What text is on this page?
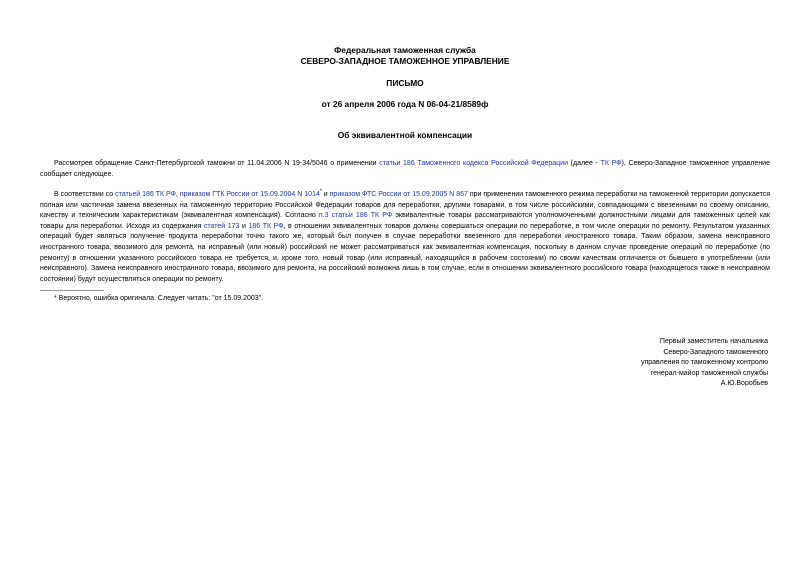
Федеральная таможенная служба
СЕВЕРО-ЗАПАДНОЕ ТАМОЖЕННОЕ УПРАВЛЕНИЕ
ПИСЬМО
от 26 апреля 2006 года N 06-04-21/8589ф
Об эквивалентной компенсации
Рассмотрев обращение Санкт-Петербургской таможни от 11.04.2006 N 19-34/5046 о применении статьи 186 Таможенного кодекса Российской Федерации (далее - ТК РФ), Северо-Западное таможенное управление сообщает следующее.
В соответствии со статьей 186 ТК РФ, приказом ГТК России от 15.09.2004 N 1014* и приказом ФТС России от 15.09.2005 N 867 при применении таможенного режима переработки на таможенной территории допускается полная или частичная замена ввезенных на таможенную территорию Российской Федерации товаров для переработки, другими товарами, в том числе российскими, совпадающими с ввезенными по своему описанию, качеству и техническим характеристикам (эквивалентная компенсация). Согласно п.3 статьи 186 ТК РФ эквивалентные товары рассматриваются уполномоченными должностными лицами для таможенных целей как товары для переработки. Исходя из содержания статей 173 и 186 ТК РФ, в отношении эквивалентных товаров должны совершаться операции по переработке, в том числе операции по ремонту. Результатом указанных операций будет являться получение продукта переработки точно такого же, который был получен в случае переработки ввезенного для переработки иностранного товара. Таким образом, замена неисправного иностранного товара, ввозимого для ремонта, на исправный (или новый) российский не может рассматриваться как эквивалентная компенсация, поскольку в данном случае проведение операций по переработке (по ремонту) в отношении указанного российского товара не требуется, и, кроме того, новый товар (или исправный, находящийся в рабочем состоянии) по своим качествам отличается от бывшего в употреблении (или неисправного). Замена неисправного иностранного товара, ввозимого для ремонта, на российский возможна лишь в том случае, если в отношении эквивалентного российского товара (находящегося также в неисправном состоянии) будут осуществляться операции по ремонту.
* Вероятно, ошибка оригинала. Следует читать: "от 15.09.2003".
Первый заместитель начальника
Северо-Западного таможенного
управления по таможенному контролю
генерал-майор таможенной службы
А.Ю.Воробьев
